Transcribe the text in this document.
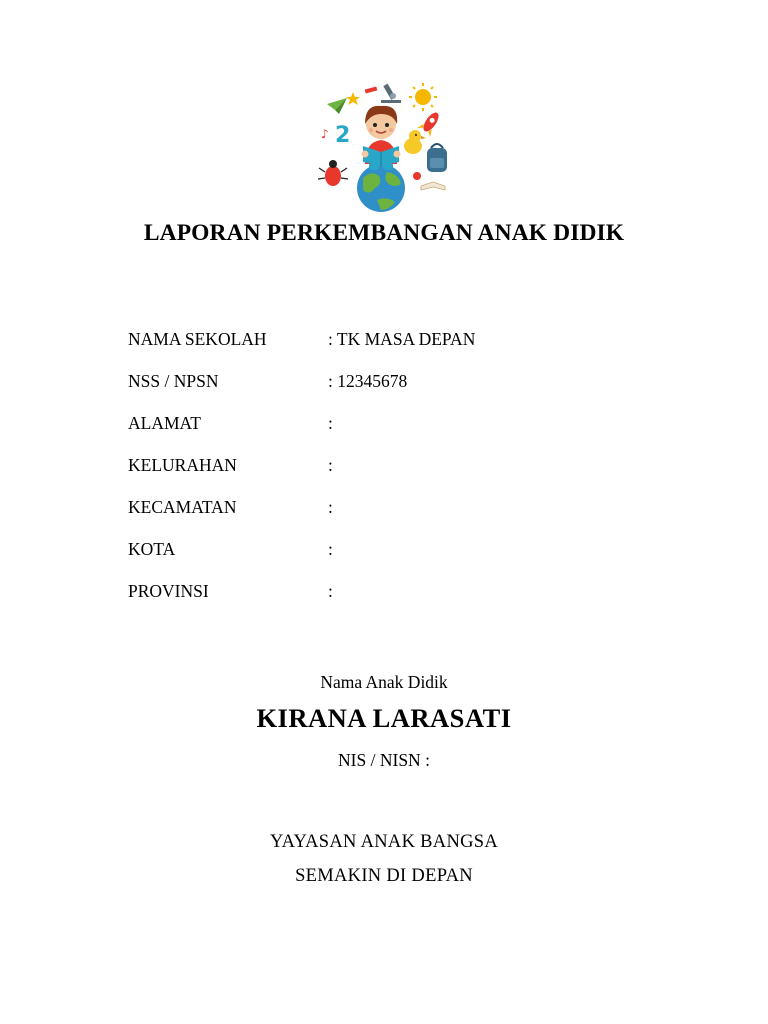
2
♪
LAPORAN PERKEMBANGAN ANAK DIDIK
NAMA SEKOLAH	: TK MASA DEPAN
NSS / NPSN	: 12345678
ALAMAT	:
KELURAHAN	:
KECAMATAN	:
KOTA	:
PROVINSI	:
Nama Anak Didik
KIRANA LARASATI
NIS / NISN :
YAYASAN ANAK BANGSA
SEMAKIN DI DEPAN
